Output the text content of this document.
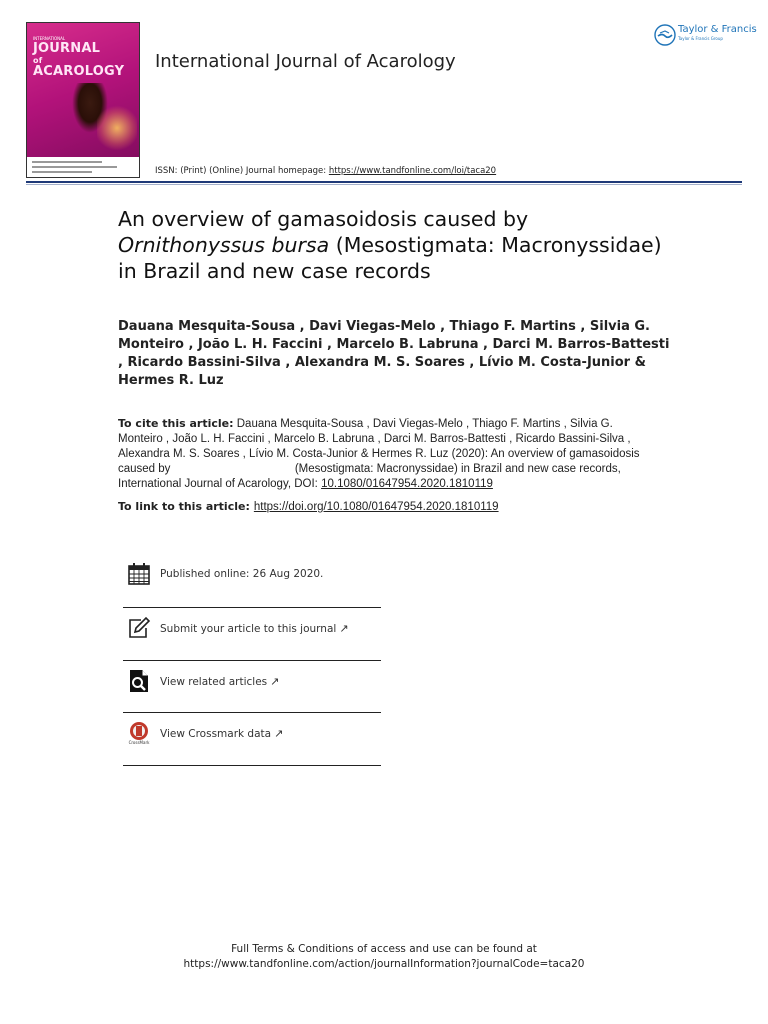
INTERNATIONAL
JOURNAL
of
ACAROLOGY International Journal of Acarology
ISSN: (Print) (Online) Journal homepage: https://www.tandfonline.com/loi/taca20
Taylor & Francis
Taylor & Francis Group
An overview of gamasoidosis caused by Ornithonyssus bursa (Mesostigmata: Macronyssidae) in Brazil and new case records
Dauana Mesquita-Sousa , Davi Viegas-Melo , Thiago F. Martins , Silvia G. Monteiro , João L. H. Faccini , Marcelo B. Labruna , Darci M. Barros-Battesti , Ricardo Bassini-Silva , Alexandra M. S. Soares , Lívio M. Costa-Junior & Hermes R. Luz
To cite this article: Dauana Mesquita-Sousa , Davi Viegas-Melo , Thiago F. Martins , Silvia G. Monteiro , João L. H. Faccini , Marcelo B. Labruna , Darci M. Barros-Battesti , Ricardo Bassini-Silva , Alexandra M. S. Soares , Lívio M. Costa-Junior & Hermes R. Luz (2020): An overview of gamasoidosis caused by	(Mesostigmata: Macronyssidae) in Brazil and new case records, International Journal of Acarology, DOI: 10.1080/01647954.2020.1810119
To link to this article: https://doi.org/10.1080/01647954.2020.1810119
Published online: 26 Aug 2020.
Submit your article to this journal ↗
View related articles ↗
CrossMark
View Crossmark data ↗
Full Terms & Conditions of access and use can be found at
https://www.tandfonline.com/action/journalInformation?journalCode=taca20
